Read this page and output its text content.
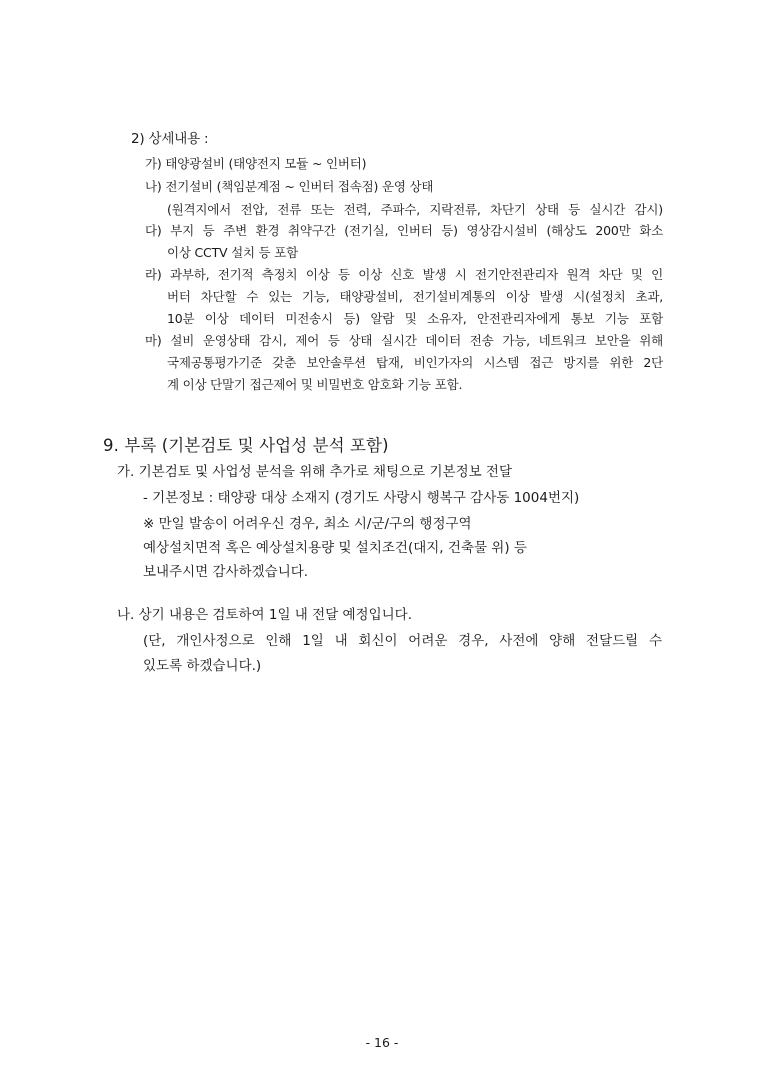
2) 상세내용 :
가) 태양광설비 (태양전지 모듈 ~ 인버터)
나) 전기설비 (책임분계점 ~ 인버터 접속점) 운영 상태
(원격지에서 전압, 전류 또는 전력, 주파수, 지락전류, 차단기 상태 등 실시간 감시)
다) 부지 등 주변 환경 취약구간 (전기실, 인버터 등) 영상감시설비 (해상도 200만 화소
이상 CCTV 설치 등 포함
라) 과부하, 전기적 측정치 이상 등 이상 신호 발생 시 전기안전관리자 원격 차단 및 인
버터 차단할 수 있는 기능, 태양광설비, 전기설비계통의 이상 발생 시(설정치 초과,
10분 이상 데이터 미전송시 등) 알람 및 소유자, 안전관리자에게 통보 기능 포함
마) 설비 운영상태 감시, 제어 등 상태 실시간 데이터 전송 가능, 네트워크 보안을 위해
국제공통평가기준 갖춘 보안솔루션 탑재, 비인가자의 시스템 접근 방지를 위한 2단
계 이상 단말기 접근제어 및 비밀번호 암호화 기능 포함.
9. 부록 (기본검토 및 사업성 분석 포함)
가. 기본검토 및 사업성 분석을 위해 추가로 채팅으로 기본정보 전달
- 기본정보 : 태양광 대상 소재지 (경기도 사랑시 행복구 감사동 1004번지)
※ 만일 발송이 어려우신 경우, 최소 시/군/구의 행정구역
예상설치면적 혹은 예상설치용량 및 설치조건(대지, 건축물 위) 등
보내주시면 감사하겠습니다.
나. 상기 내용은 검토하여 1일 내 전달 예정입니다.
(단, 개인사정으로 인해 1일 내 회신이 어려운 경우, 사전에 양해 전달드릴 수
있도록 하겠습니다.)
- 16 -
